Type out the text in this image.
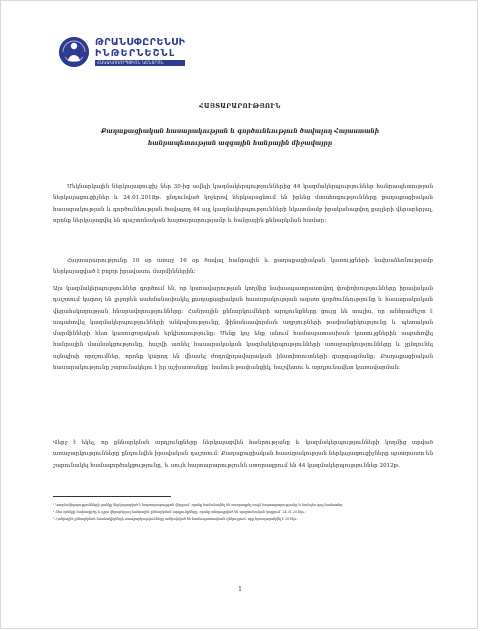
ԹՐԱՆՍՓԸՐԵՆՍԻ
ԻՆԹԵՐՆԵՇՆԼ
ՀԱԿԱԿՈՌՈՒՊՑԻՈՆ ԿԵՆՏՐՈՆ
ՀԱՅՏԱՐԱՐՈՒԹՅՈՒՆ
Քաղաքացիական հասարակության և գործունեություն ծավալող Հայաստանի
հանրապետության ազգային հանրային միջավայրը
Մեկնարկային ներկայացուցիչ ներ 30-ից ավելի կազմակերպություններից 44 կազմակերպություններ հանրապետության ներկայացուցիչներ և 24.01.2018թ. ընդունված կոչերով ներկայացնում են իրենց մտահոգությունները քաղաքացիական հասարակության և գործունեության ծավալող 44 այլ կազմակերպությունների նկատմամբ իրականացվող քայլերի վերաբերյալ, որոնք ներկայացվել են պաշտոնական հայտարարությամբ և հանրային քննարկման համար:
Հայտարարությունը 10 օր առաջ 16 օր ծավալ հանրային և քաղաքացիական կառույցների նախաձեռնությամբ ներկայացված է բոլոր իրավասու մարմիններին:
Այս կազմակերպություններ գործում են, որ կառավարության կողմից նախապատրաստվող փոփոխությունները իրավական դաշտում կարող են լրջորեն սահմանափակել քաղաքացիական հասարակության ազատ գործունեությունը և հասարակական վերահսկողության հնարավորությունները: Հանրային քննարկումների արդյունքները ցույց են տալիս, որ անհրաժեշտ է ապահովել կազմակերպությունների անկախությունը, ֆինանսավորման աղբյուրների թափանցիկությունը և պետական մարմինների հետ կառուցողական երկխոսությունը: Մենք կոչ ենք անում համապատասխան կառույցներին ապահովել հանրային մասնակցությունը, հաշվի առնել հասարակական կազմակերպությունների առաջարկությունները և չընդունել այնպիսի որոշումներ, որոնք կարող են վնասել ժողովրդավարական ինստիտուտների զարգացմանը: Քաղաքացիական հասարակությունը շարունակելու է իր աշխատանքը՝ հանուն թափանցիկ, հաշվետու և արդյունավետ կառավարման:
Վերջ է եկել, որ քննարկման արդյունքները ներկայացվեն հանրությանը և կազմակերպությունների կողմից տրված առաջարկությունները ընդունվեն իրավական դաշտում: Քաղաքացիական հասարակության ներկայացուցիչները պատրաստ են շարունակել համագործակցությունը, և սույն հայտարարությունն ստորագրում են 44 կազմակերպություններ 2012թ.
¹ Կազմակերպությունների ցանկը ներկայացված է հայտարարության վերջում, որոնք համաձայնել են ստորագրել սույն հայտարարությունը և հանդես գալ համատեղ:
² Տես օրենքի նախագիծը և դրա վերաբերյալ հանրային քննարկման արդյունքները, որոնք տեղադրված են պաշտոնական կայքում՝ 24.01.2018թ.:
³ Հանրային քննարկման մասնակիցների առաջարկությունները ամփոփված են համապատասխան զեկույցում, որը հրապարակվել է 2018թ.:
1
